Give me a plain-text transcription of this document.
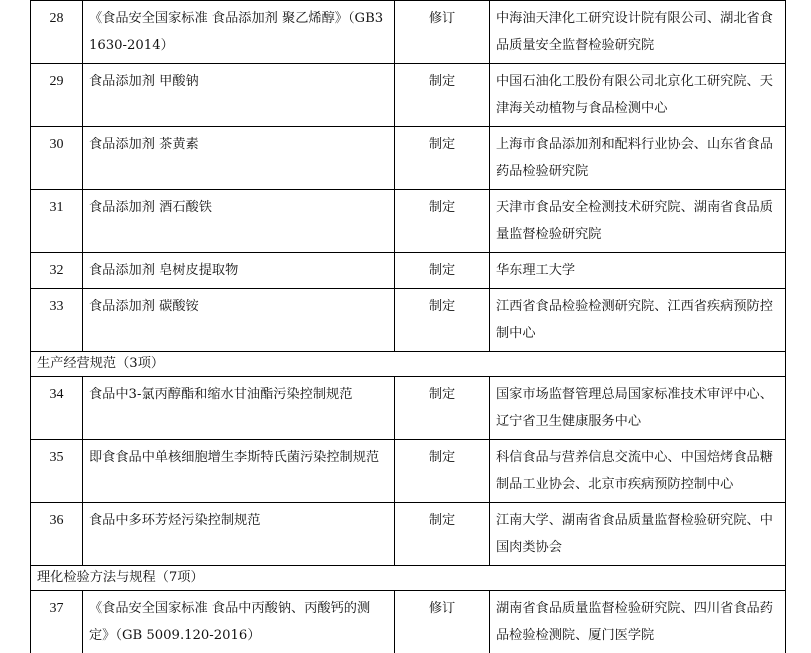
28	《食品安全国家标准 食品添加剂 聚乙烯醇》（GB31630-2014）	修订	中海油天津化工研究设计院有限公司、湖北省食品质量安全监督检验研究院
29	食品添加剂 甲酸钠	制定	中国石油化工股份有限公司北京化工研究院、天津海关动植物与食品检测中心
30	食品添加剂 茶黄素	制定	上海市食品添加剂和配料行业协会、山东省食品药品检验研究院
31	食品添加剂 酒石酸铁	制定	天津市食品安全检测技术研究院、湖南省食品质量监督检验研究院
32	食品添加剂 皂树皮提取物	制定	华东理工大学
33	食品添加剂 碳酸铵	制定	江西省食品检验检测研究院、江西省疾病预防控制中心
生产经营规范（3项）			
34	食品中3-氯丙醇酯和缩水甘油酯污染控制规范	制定	国家市场监督管理总局国家标准技术审评中心、辽宁省卫生健康服务中心
35	即食食品中单核细胞增生李斯特氏菌污染控制规范	制定	科信食品与营养信息交流中心、中国焙烤食品糖制品工业协会、北京市疾病预防控制中心
36	食品中多环芳烃污染控制规范	制定	江南大学、湖南省食品质量监督检验研究院、中国肉类协会
理化检验方法与规程（7项）			
37	《食品安全国家标准 食品中丙酸钠、丙酸钙的测定》（GB 5009.120-2016）	修订	湖南省食品质量监督检验研究院、四川省食品药品检验检测院、厦门医学院
